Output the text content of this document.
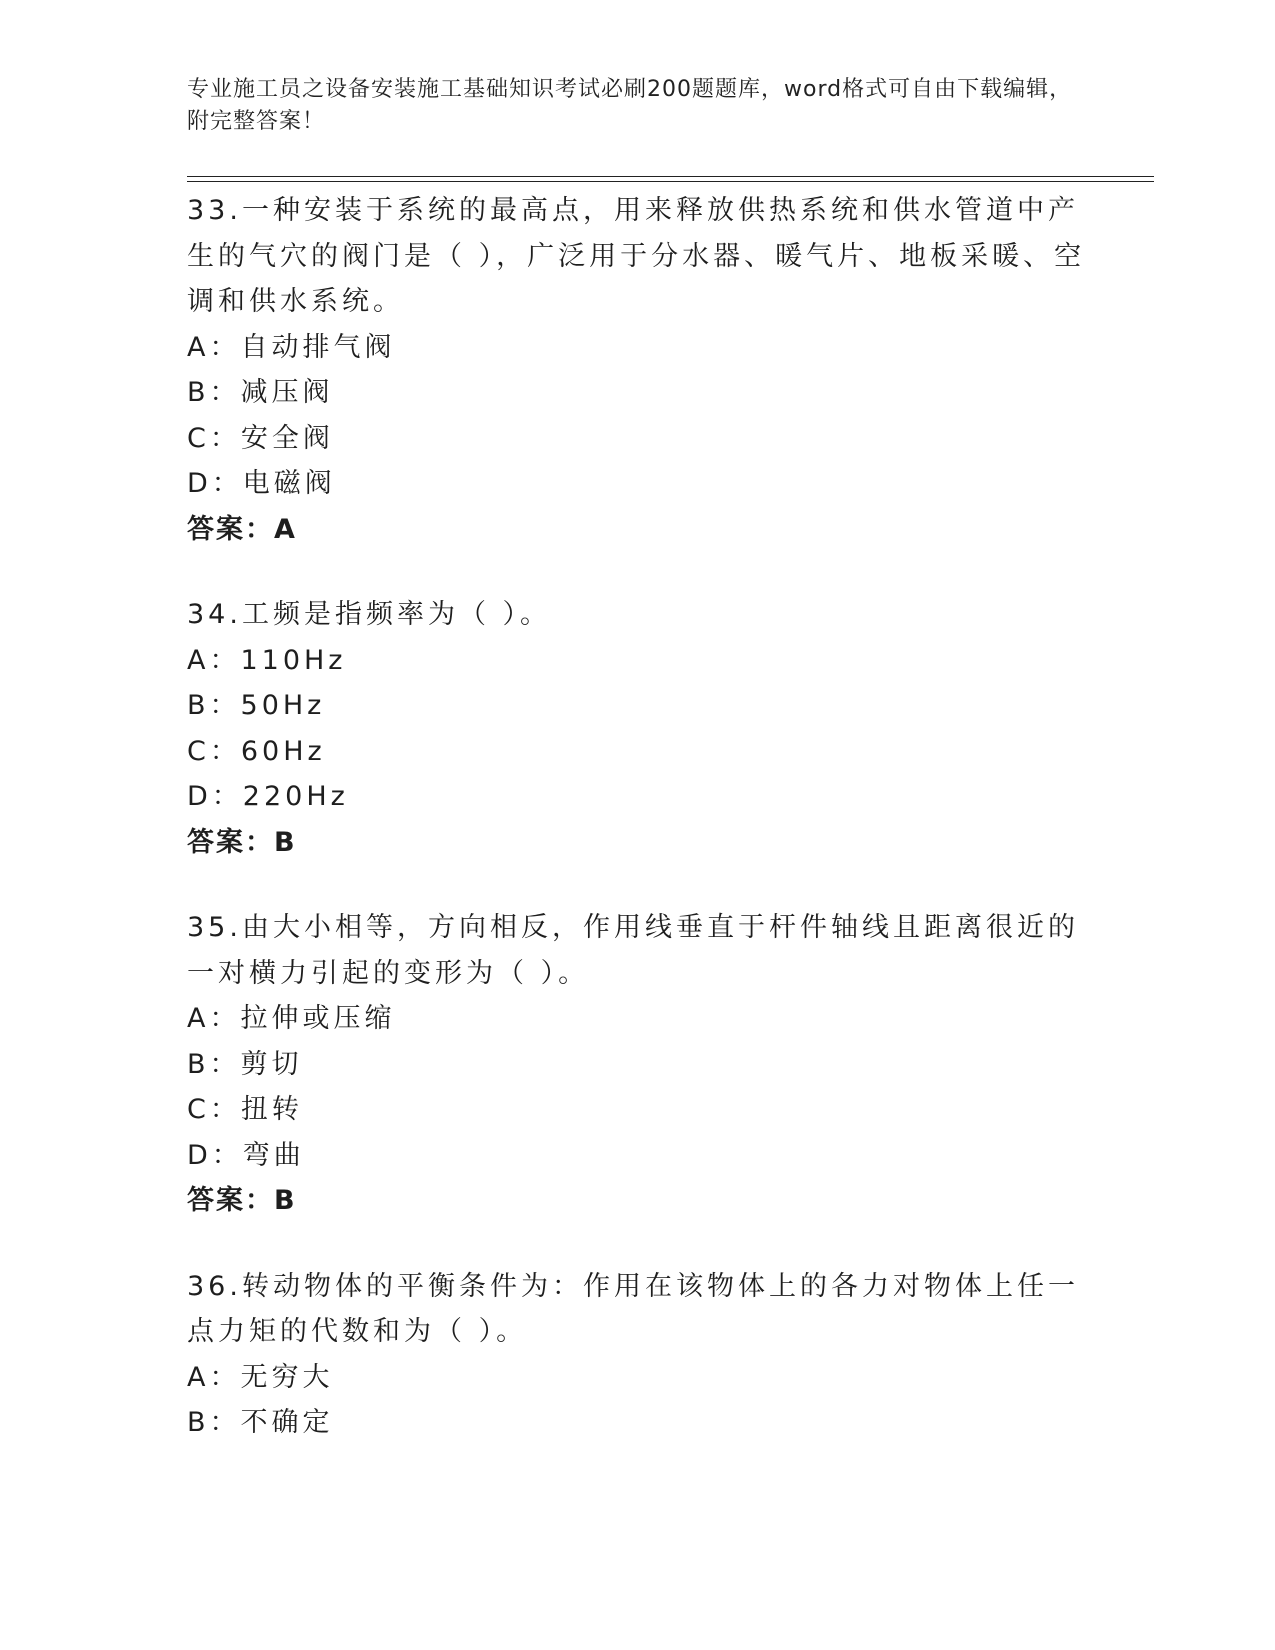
专业施工员之设备安装施工基础知识考试必刷200题题库，word格式可自由下载编辑，附完整答案！
33.一种安装于系统的最高点，用来释放供热系统和供水管道中产生的气穴的阀门是（ ），广泛用于分水器、暖气片、地板采暖、空调和供水系统。
A：自动排气阀
B：减压阀
C：安全阀
D：电磁阀
答案：A
34.工频是指频率为（ ）。
A：110Hz
B：50Hz
C：60Hz
D：220Hz
答案：B
35.由大小相等，方向相反，作用线垂直于杆件轴线且距离很近的一对横力引起的变形为（ ）。
A：拉伸或压缩
B：剪切
C：扭转
D：弯曲
答案：B
36.转动物体的平衡条件为：作用在该物体上的各力对物体上任一点力矩的代数和为（ ）。
A：无穷大
B：不确定
